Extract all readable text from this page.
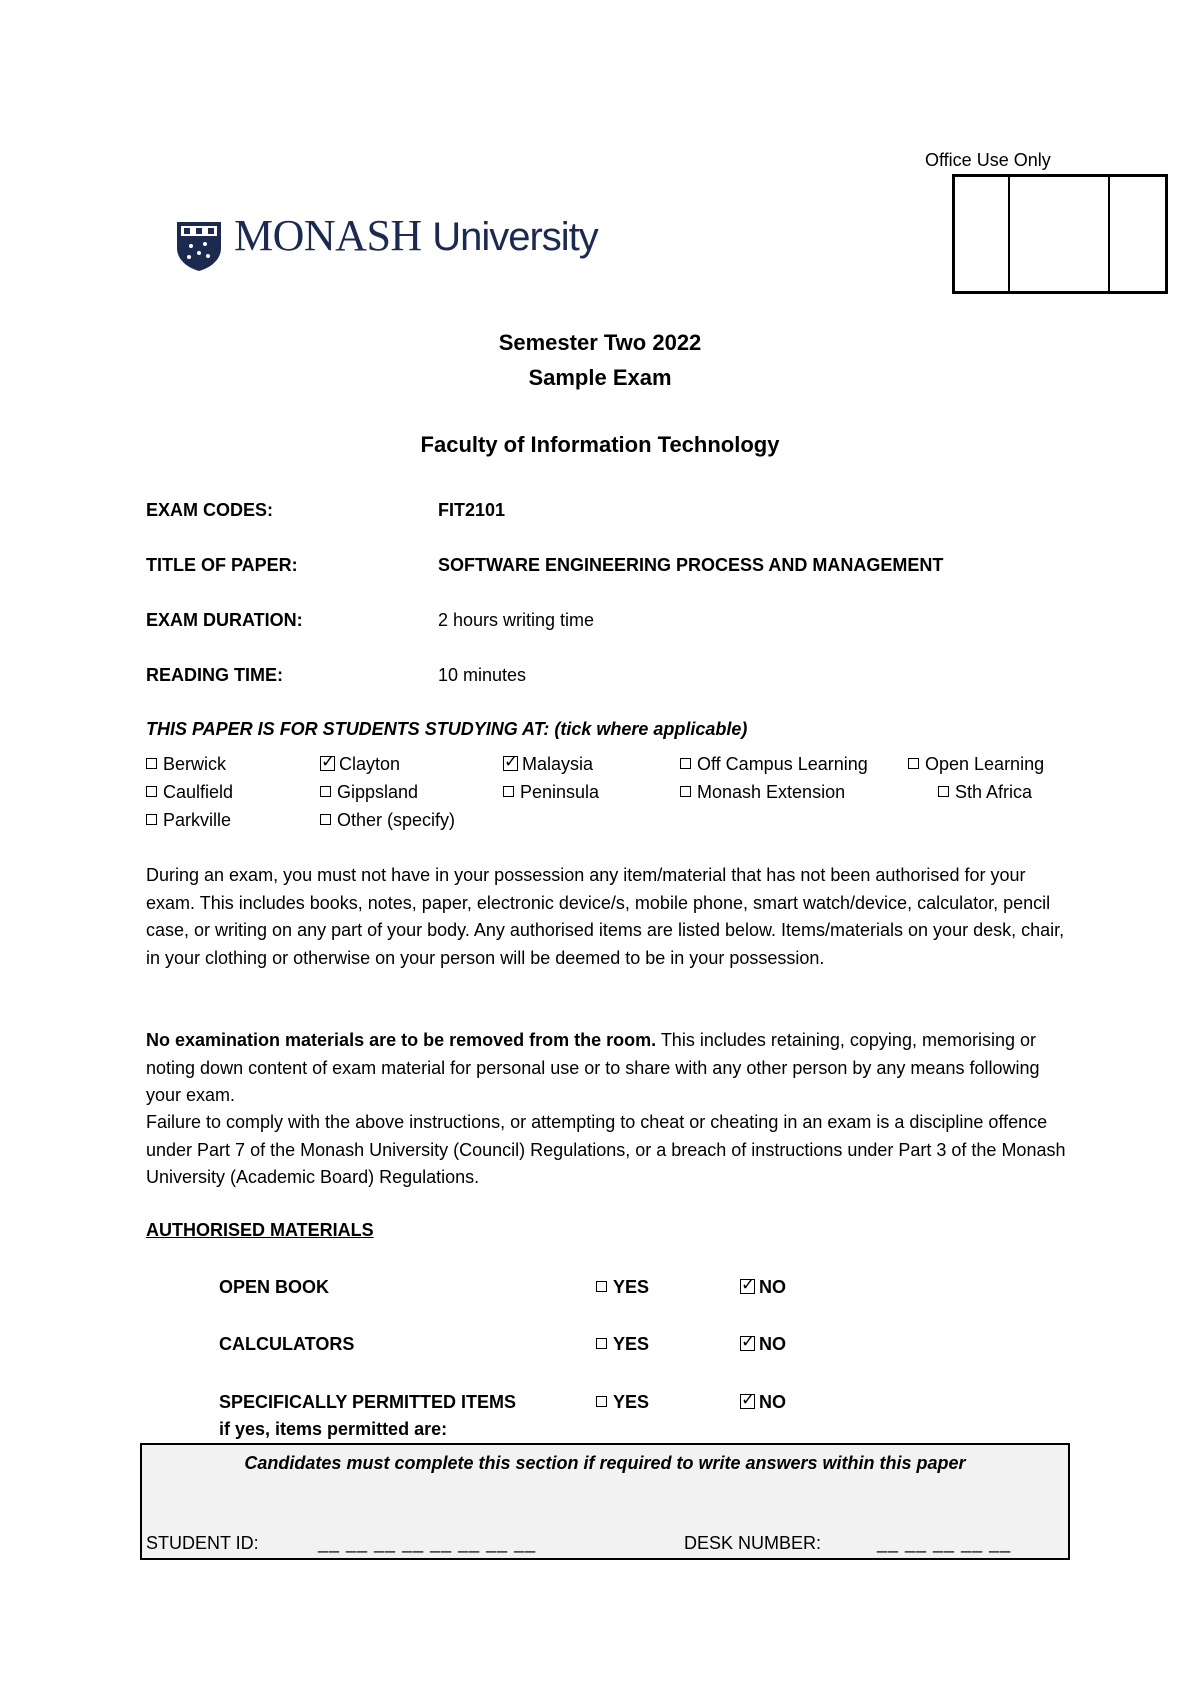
MONASH University
Office Use Only
Semester Two 2022
Sample Exam
Faculty of Information Technology
EXAM CODES:	FIT2101
TITLE OF PAPER:	SOFTWARE ENGINEERING PROCESS AND MANAGEMENT
EXAM DURATION:	2 hours writing time
READING TIME:	10 minutes
THIS PAPER IS FOR STUDENTS STUDYING AT: (tick where applicable)
Berwick ✓	Clayton ✓	Malaysia	Off Campus Learning	Open Learning
Caulfield	Gippsland	Peninsula	Monash Extension	Sth Africa
Parkville	Other (specify)
During an exam, you must not have in your possession any item/material that has not been authorised for your exam. This includes books, notes, paper, electronic device/s, mobile phone, smart watch/device, calculator, pencil case, or writing on any part of your body. Any authorised items are listed below. Items/materials on your desk, chair, in your clothing or otherwise on your person will be deemed to be in your possession.
No examination materials are to be removed from the room. This includes retaining, copying, memorising or noting down content of exam material for personal use or to share with any other person by any means following your exam.
Failure to comply with the above instructions, or attempting to cheat or cheating in an exam is a discipline offence under Part 7 of the Monash University (Council) Regulations, or a breach of instructions under Part 3 of the Monash University (Academic Board) Regulations.
AUTHORISED MATERIALS
OPEN BOOK	YES ✓	NO
CALCULATORS	YES ✓	NO
SPECIFICALLY PERMITTED ITEMS	YES ✓	NO
if yes, items permitted are:
Candidates must complete this section if required to write answers within this paper
STUDENT ID:	__ __ __ __ __ __ __ __	DESK NUMBER:	__ __ __ __ __
